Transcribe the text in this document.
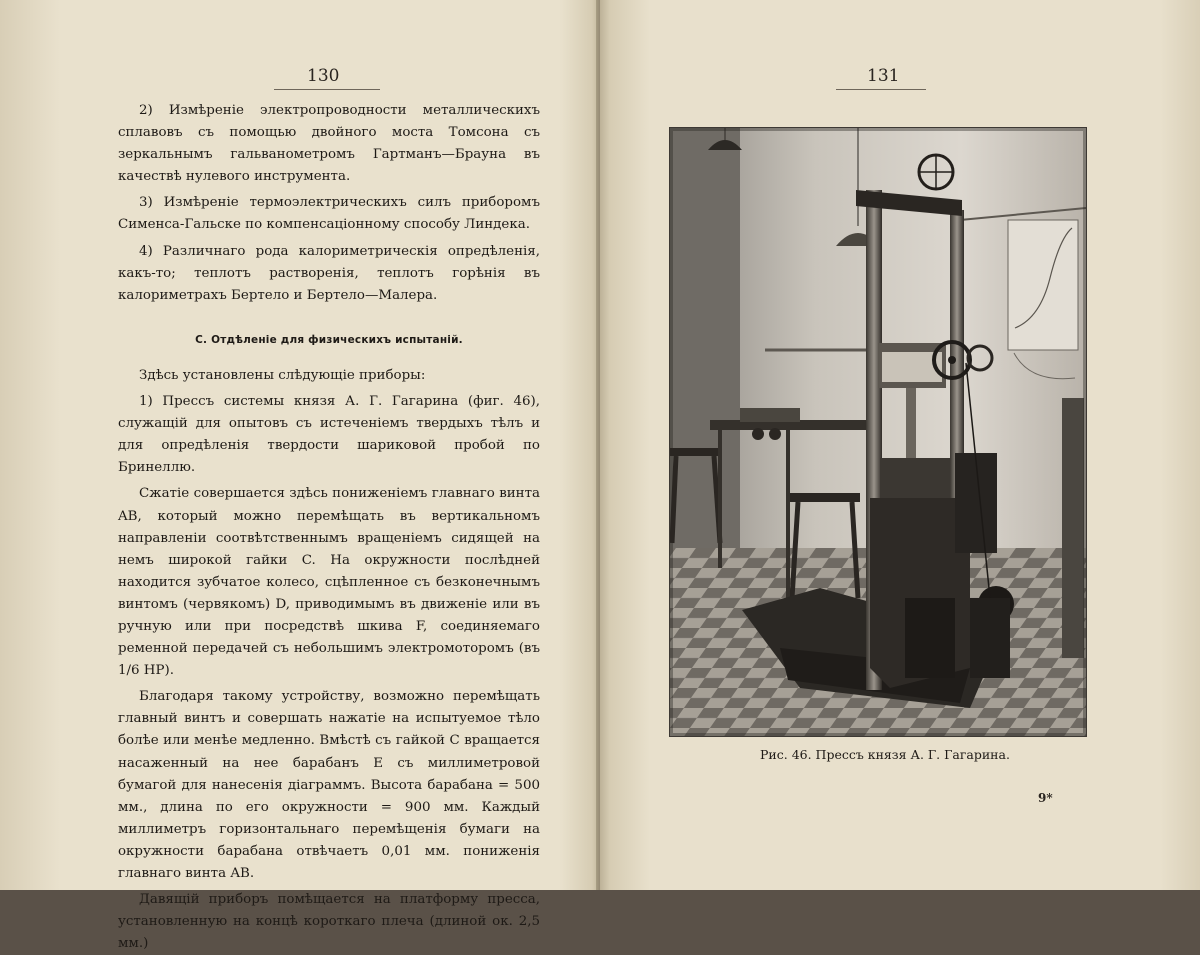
130

2) Измѣреніе электропроводности металлическихъ сплавовъ съ помощью двойного моста Томсона съ зеркальнымъ гальванометромъ Гартманъ—Брауна въ качествѣ нулевого инструмента.

3) Измѣреніе термоэлектрическихъ силъ приборомъ Сименса-Гальске по компенсаціонному способу Линдека.

4) Различнаго рода калориметрическія опредѣленія, какъ-то; теплотъ растворенія, теплотъ горѣнія въ калориметрахъ Бертело и Бертело—Малера.

С. Отдѣленіе для физическихъ испытаній.

Здѣсь установлены слѣдующіе приборы:

1) Прессъ системы князя А. Г. Гагарина (фиг. 46), служащій для опытовъ съ истеченіемъ твердыхъ тѣлъ и для опредѣленія твердости шариковой пробой по Бринеллю.

Сжатіе совершается здѣсь пониженіемъ главнаго винта AB, который можно перемѣщать въ вертикальномъ направленіи соотвѣтственнымъ вращеніемъ сидящей на немъ широкой гайки C. На окружности послѣдней находится зубчатое колесо, сцѣпленное съ безконечнымъ винтомъ (червякомъ) D, приводимымъ въ движеніе или въ ручную или при посредствѣ шкива F, соединяемаго ременной передачей съ небольшимъ электромоторомъ (въ 1/6 HP).

Благодаря такому устройству, возможно перемѣщать главный винтъ и совершать нажатіе на испытуемое тѣло болѣе или менѣе медленно. Вмѣстѣ съ гайкой C вращается насаженный на нее барабанъ E съ миллиметровой бумагой для нанесенія діаграммъ. Высота барабана = 500 мм., длина по его окружности = 900 мм. Каждый миллиметръ горизонтальнаго перемѣщенія бумаги на окружности барабана отвѣчаетъ 0,01 мм. пониженія главнаго винта AB.

Давящій приборъ помѣщается на платформу пресса, установленную на концѣ короткаго плеча (длиной ок. 2,5 мм.)

131
Рис. 46. Прессъ князя А. Г. Гагарина.
9*
